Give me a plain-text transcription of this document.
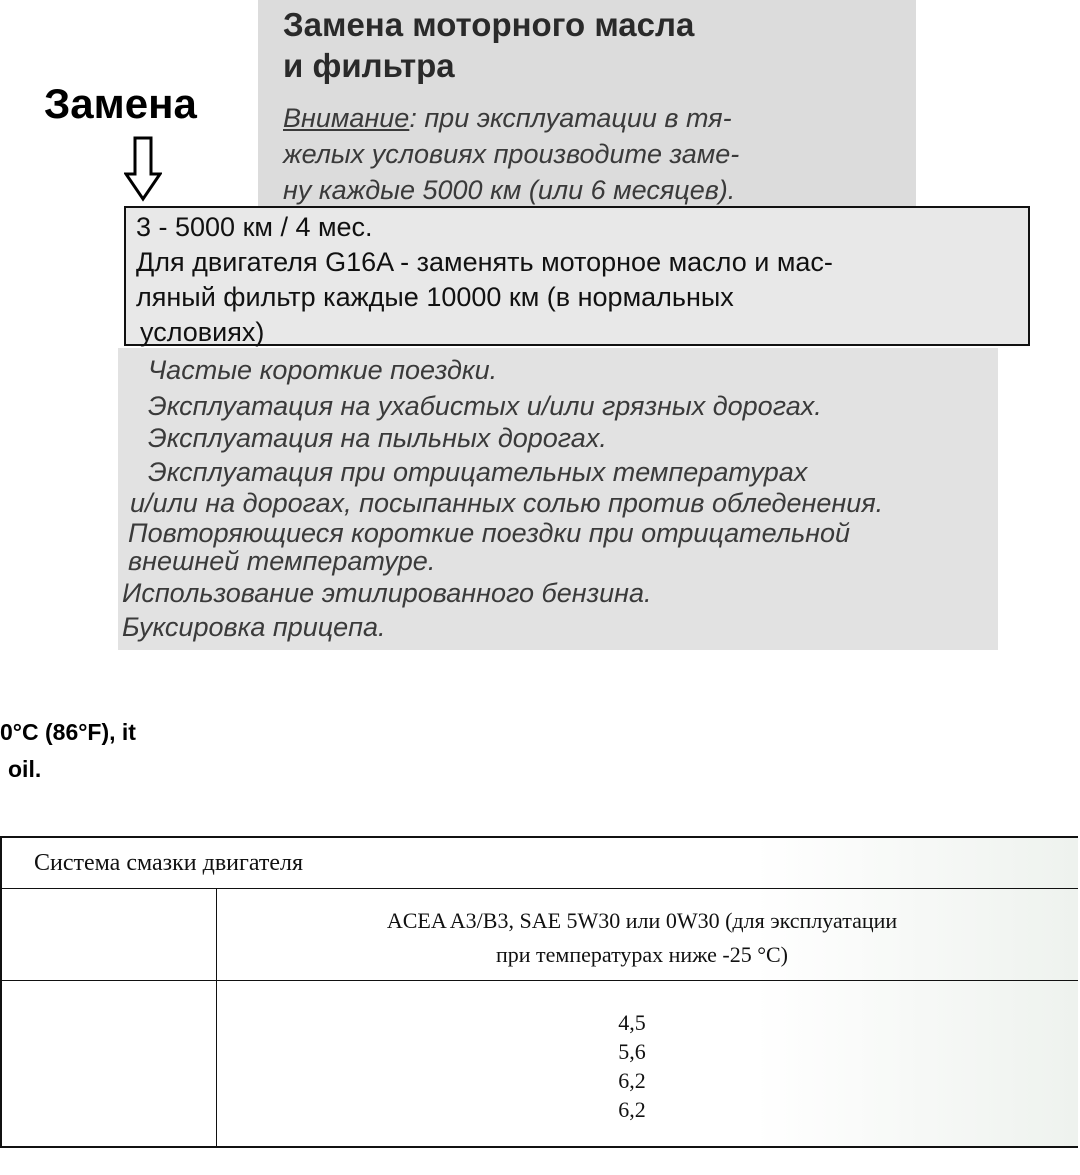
Замена моторного масла
и фильтра
Замена	Внимание: при эксплуатации в тя-
желых условиях производите заме-
ну каждые 5000 км (или 6 месяцев).

3 - 5000 км / 4 мес.
Для двигателя G16A - заменять моторное масло и мас-
ляный фильтр каждые 10000 км (в нормальных
условиях)

Частые короткие поездки.

Эксплуатация на ухабистых и/или грязных дорогах.

Эксплуатация на пыльных дорогах.

Эксплуатация при отрицательных температурах

и/или на дорогах, посыпанных солью против обледенения.

Повторяющиеся короткие поездки при отрицательной

внешней температуре.

Использование этилированного бензина.

Буксировка прицепа.

0°C (86°F), it
oil.
Система смазки двигателя

ACEA A3/B3, SAE 5W30 или 0W30 (для эксплуатации
при температурах ниже -25 °C)

4,5
5,6
6,2
6,2
